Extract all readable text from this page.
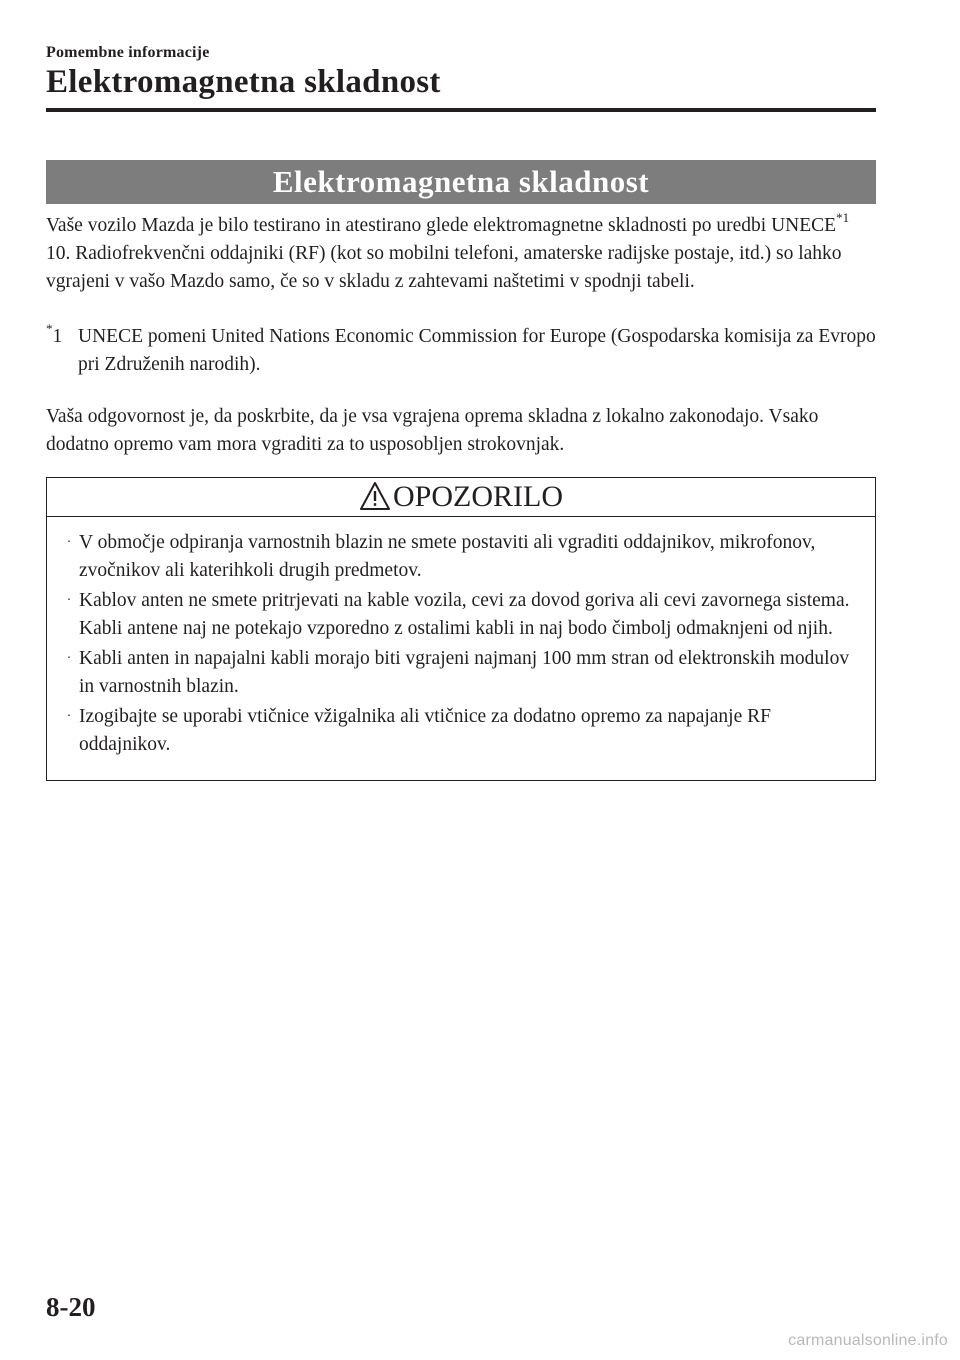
Pomembne informacije
Elektromagnetna skladnost
Elektromagnetna skladnost
Vaše vozilo Mazda je bilo testirano in atestirano glede elektromagnetne skladnosti po uredbi UNECE$^{*1}$ 10. Radiofrekvenčni oddajniki (RF) (kot so mobilni telefoni, amaterske radijske postaje, itd.) so lahko vgrajeni v vašo Mazdo samo, če so v skladu z zahtevami naštetimi v spodnji tabeli.
*1 UNECE pomeni United Nations Economic Commission for Europe (Gospodarska komisija za Evropo pri Združenih narodih).
Vaša odgovornost je, da poskrbite, da je vsa vgrajena oprema skladna z lokalno zakonodajo. Vsako dodatno opremo vam mora vgraditi za to usposobljen strokovnjak.
OPOZORILO
· V območje odpiranja varnostnih blazin ne smete postaviti ali vgraditi oddajnikov, mikrofonov, zvočnikov ali katerihkoli drugih predmetov.
· Kablov anten ne smete pritrjevati na kable vozila, cevi za dovod goriva ali cevi zavornega sistema. Kabli antene naj ne potekajo vzporedno z ostalimi kabli in naj bodo čimbolj odmaknjeni od njih.
· Kabli anten in napajalni kabli morajo biti vgrajeni najmanj 100 mm stran od elektronskih modulov in varnostnih blazin.
· Izogibajte se uporabi vtičnice vžigalnika ali vtičnice za dodatno opremo za napajanje RF oddajnikov.
8-20
carmanualsonline.info
